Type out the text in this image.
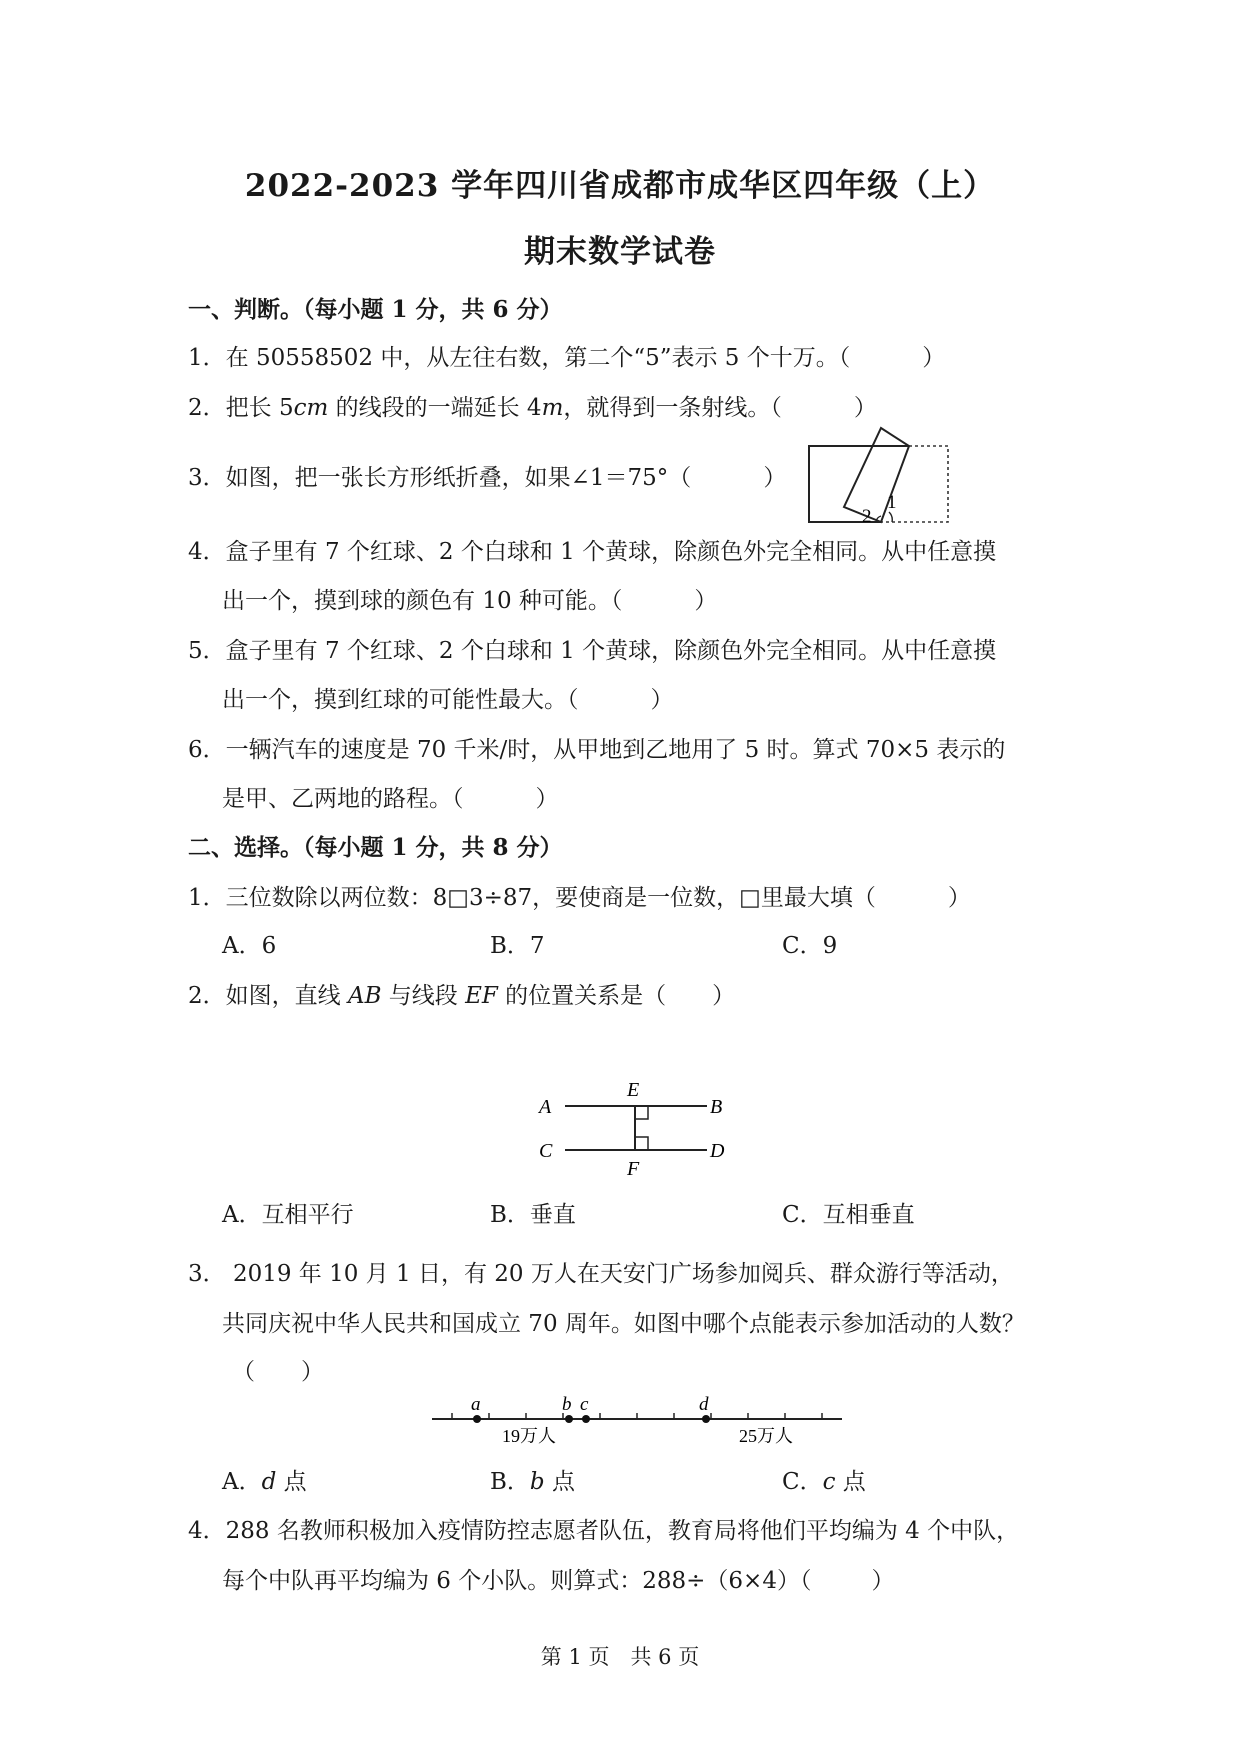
2022-2023 学年四川省成都市成华区四年级（上）
期末数学试卷
一、判断。（每小题 1 分，共 6 分）
1．在 50558502 中，从左往右数，第二个“5”表示 5 个十万。（	）
2．把长 5cm 的线段的一端延长 4m，就得到一条射线。（	）
3．如图，把一张长方形纸折叠，如果∠1＝75°（	）
1
2
4．盒子里有 7 个红球、2 个白球和 1 个黄球，除颜色外完全相同。从中任意摸
出一个，摸到球的颜色有 10 种可能。（	）
5．盒子里有 7 个红球、2 个白球和 1 个黄球，除颜色外完全相同。从中任意摸
出一个，摸到红球的可能性最大。（	）
6．一辆汽车的速度是 70 千米/时，从甲地到乙地用了 5 时。算式 70×5 表示的
是甲、乙两地的路程。（	）
二、选择。（每小题 1 分，共 8 分）
1．三位数除以两位数：8□3÷87，要使商是一位数，□里最大填（	）
A．6	B．7	C．9
2．如图，直线 AB 与线段 EF 的位置关系是（ ）
A	B
C	D
E
F
A．互相平行	B．垂直	C．互相垂直
3． 2019 年 10 月 1 日，有 20 万人在天安门广场参加阅兵、群众游行等活动，
共同庆祝中华人民共和国成立 70 周年。如图中哪个点能表示参加活动的人数？
（ ）
a	b c	d
19万人	25万人
A．d 点	B．b 点	C．c 点
4．288 名教师积极加入疫情防控志愿者队伍，教育局将他们平均编为 4 个中队，
每个中队再平均编为 6 个小队。则算式：288÷（6×4）（	）
第 1 页　共 6 页
